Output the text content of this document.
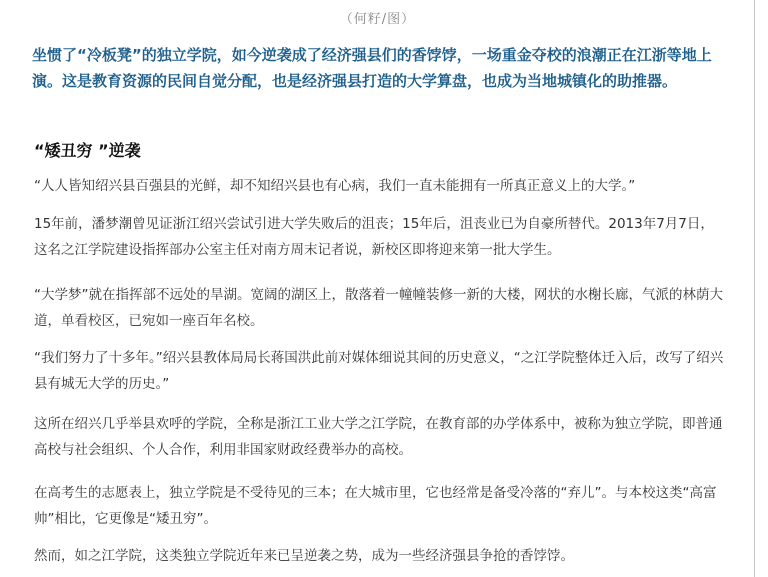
（何籽/图）

坐惯了“冷板凳”的独立学院，如今逆袭成了经济强县们的香饽饽，一场重金夺校的浪潮正在江浙等地上演。这是教育资源的民间自觉分配，也是经济强县打造的大学算盘，也成为当地城镇化的助推器。

“矮丑穷 ”逆袭

“人人皆知绍兴县百强县的光鲜，却不知绍兴县也有心病，我们一直未能拥有一所真正意义上的大学。”

15年前，潘梦潮曾见证浙江绍兴尝试引进大学失败后的沮丧；15年后，沮丧业已为自豪所替代。2013年7月7日，这名之江学院建设指挥部办公室主任对南方周末记者说，新校区即将迎来第一批大学生。

“大学梦”就在指挥部不远处的旱湖。宽阔的湖区上，散落着一幢幢装修一新的大楼，网状的水榭长廊，气派的林荫大道，单看校区，已宛如一座百年名校。

“我们努力了十多年。”绍兴县教体局局长蒋国洪此前对媒体细说其间的历史意义，“之江学院整体迁入后，改写了绍兴县有城无大学的历史。”

这所在绍兴几乎举县欢呼的学院，全称是浙江工业大学之江学院，在教育部的办学体系中，被称为独立学院，即普通高校与社会组织、个人合作，利用非国家财政经费举办的高校。

在高考生的志愿表上，独立学院是不受待见的三本；在大城市里，它也经常是备受冷落的“弃儿”。与本校这类“高富帅”相比，它更像是“矮丑穷”。

然而，如之江学院，这类独立学院近年来已呈逆袭之势，成为一些经济强县争抢的香饽饽。
